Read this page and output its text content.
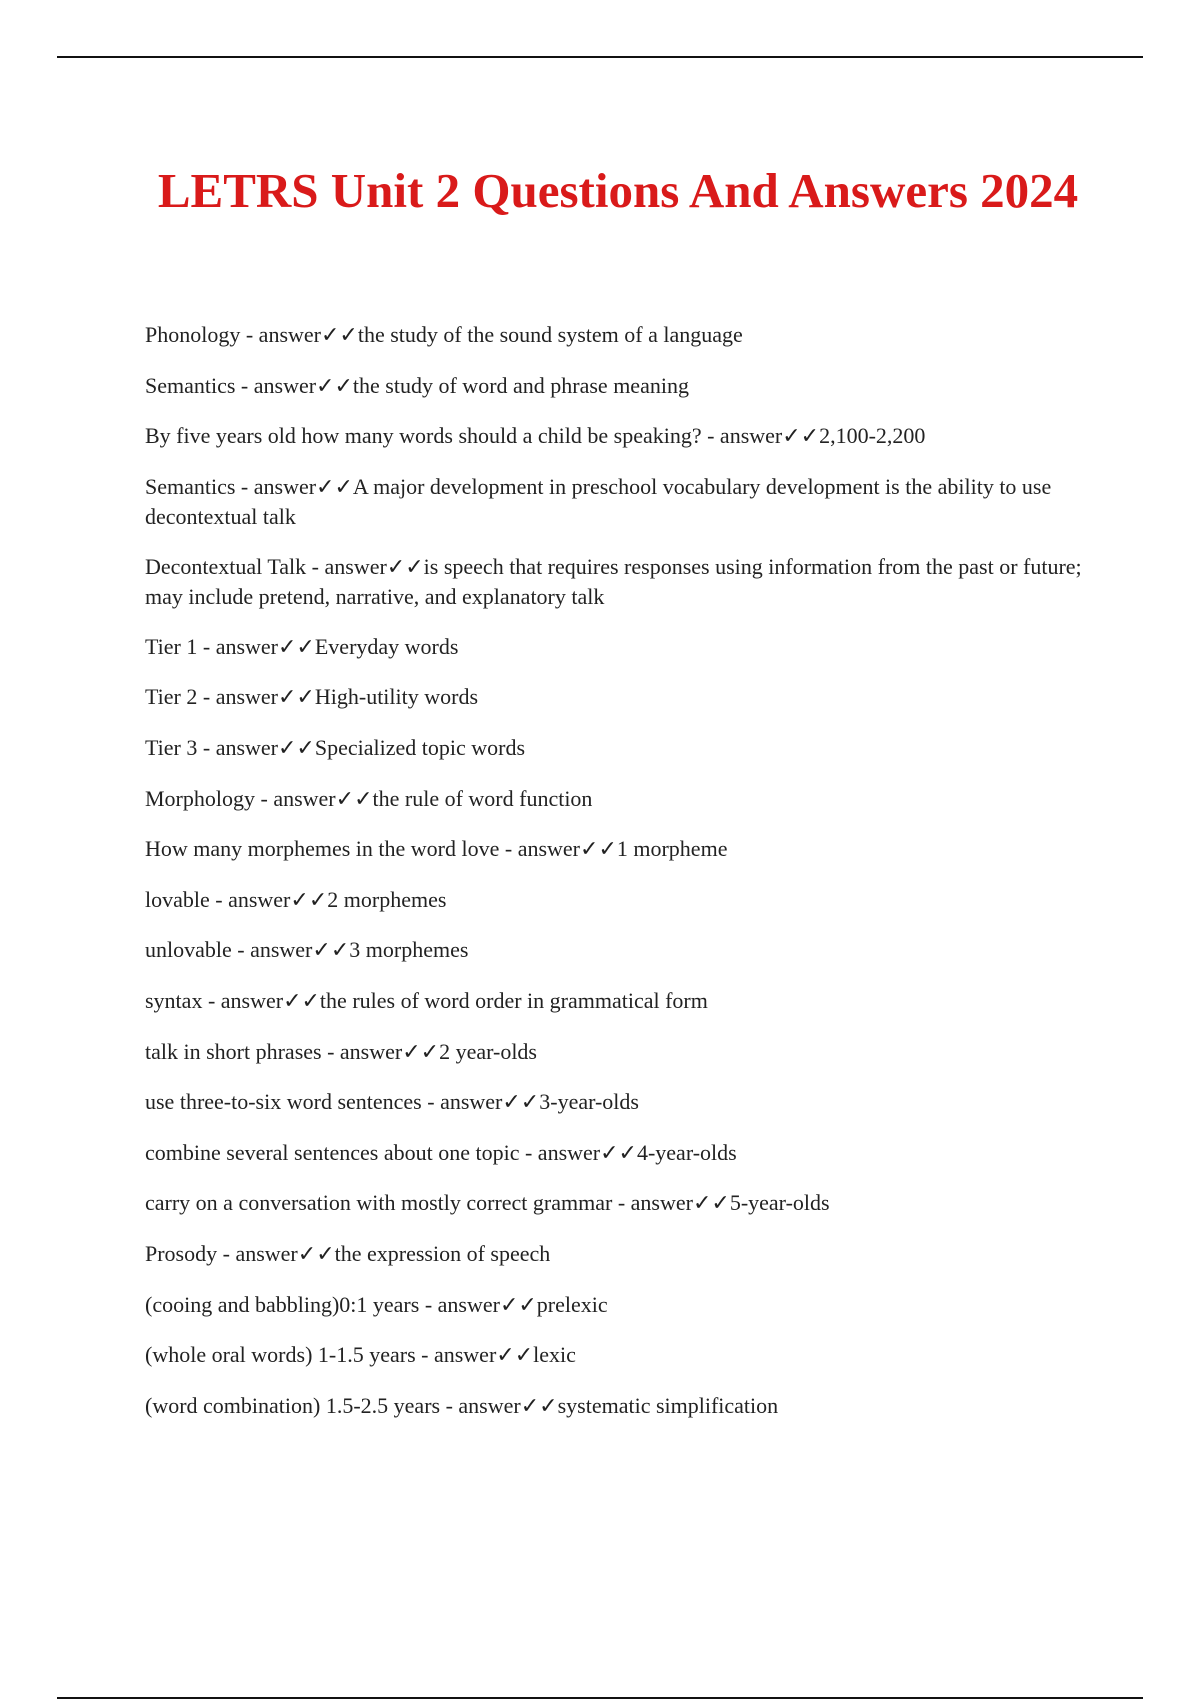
LETRS Unit 2 Questions And Answers 2024
Phonology - answer✓✓the study of the sound system of a language
Semantics - answer✓✓the study of word and phrase meaning
By five years old how many words should a child be speaking? - answer✓✓2,100-2,200
Semantics - answer✓✓A major development in preschool vocabulary development is the ability to use decontextual talk
Decontextual Talk - answer✓✓is speech that requires responses using information from the past or future; may include pretend, narrative, and explanatory talk
Tier 1 - answer✓✓Everyday words
Tier 2 - answer✓✓High-utility words
Tier 3 - answer✓✓Specialized topic words
Morphology - answer✓✓the rule of word function
How many morphemes in the word love - answer✓✓1 morpheme
lovable - answer✓✓2 morphemes
unlovable - answer✓✓3 morphemes
syntax - answer✓✓the rules of word order in grammatical form
talk in short phrases - answer✓✓2 year-olds
use three-to-six word sentences - answer✓✓3-year-olds
combine several sentences about one topic - answer✓✓4-year-olds
carry on a conversation with mostly correct grammar - answer✓✓5-year-olds
Prosody - answer✓✓the expression of speech
(cooing and babbling)0:1 years - answer✓✓prelexic
(whole oral words) 1-1.5 years - answer✓✓lexic
(word combination) 1.5-2.5 years - answer✓✓systematic simplification
